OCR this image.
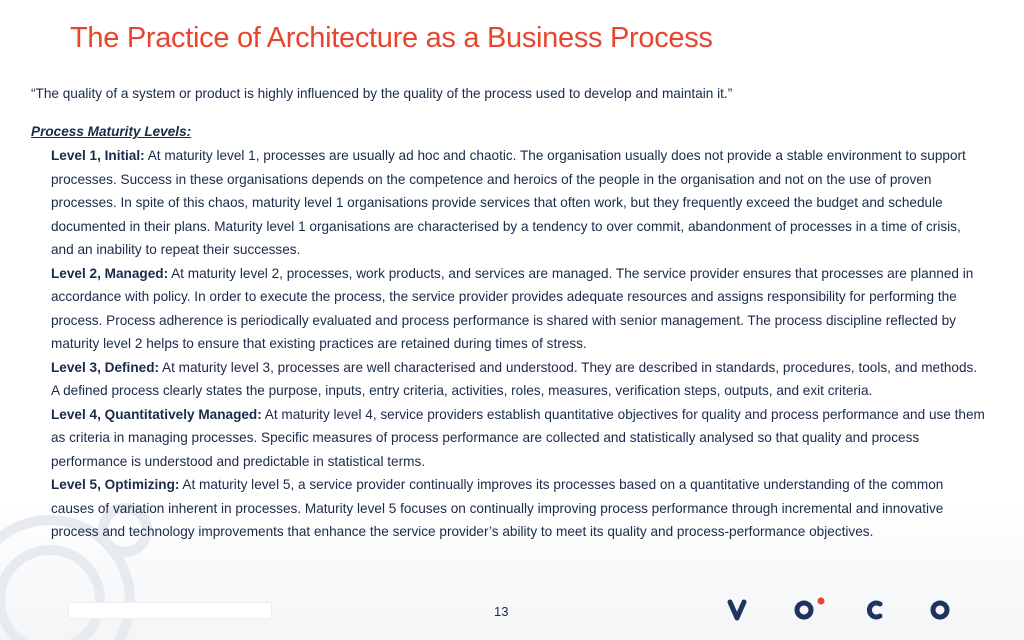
The Practice of Architecture as a Business Process
“The quality of a system or product is highly influenced by the quality of the process used to develop and maintain it.”
Process Maturity Levels:

Level 1, Initial: At maturity level 1, processes are usually ad hoc and chaotic. The organisation usually does not provide a stable environment to support processes. Success in these organisations depends on the competence and heroics of the people in the organisation and not on the use of proven processes. In spite of this chaos, maturity level 1 organisations provide services that often work, but they frequently exceed the budget and schedule documented in their plans. Maturity level 1 organisations are characterised by a tendency to over commit, abandonment of processes in a time of crisis, and an inability to repeat their successes.

Level 2, Managed: At maturity level 2, processes, work products, and services are managed. The service provider ensures that processes are planned in accordance with policy. In order to execute the process, the service provider provides adequate resources and assigns responsibility for performing the process. Process adherence is periodically evaluated and process performance is shared with senior management. The process discipline reflected by maturity level 2 helps to ensure that existing practices are retained during times of stress.

Level 3, Defined: At maturity level 3, processes are well characterised and understood. They are described in standards, procedures, tools, and methods. A defined process clearly states the purpose, inputs, entry criteria, activities, roles, measures, verification steps, outputs, and exit criteria.

Level 4, Quantitatively Managed: At maturity level 4, service providers establish quantitative objectives for quality and process performance and use them as criteria in managing processes. Specific measures of process performance are collected and statistically analysed so that quality and process performance is understood and predictable in statistical terms.

Level 5, Optimizing: At maturity level 5, a service provider continually improves its processes based on a quantitative understanding of the common causes of variation inherent in processes. Maturity level 5 focuses on continually improving process performance through incremental and innovative process and technology improvements that enhance the service provider’s ability to meet its quality and process-performance objectives.

13
